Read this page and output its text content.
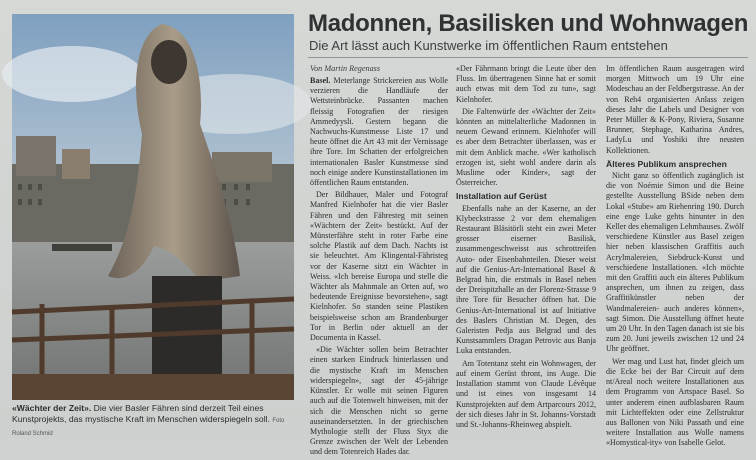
«Wächter der Zeit». Die vier Basler Fähren sind derzeit Teil eines Kunstprojekts, das mystische Kraft im Menschen widerspiegeln soll. Foto Roland Schmid
Madonnen, Basilisken und Wohnwagen
Die Art lässt auch Kunstwerke im öffentlichen Raum entstehen
Von Martin Regenass

Basel. Meterlange Strickereien aus Wolle verzieren die Handläufe der Wettsteinbrücke. Passanten machen fleissig Fotografien der riesigen Ammedyysli. Gestern begann die Nachwuchs-Kunstmesse Liste 17 und heute öffnet die Art 43 mit der Vernissage ihre Tore. Im Schatten der erfolgreichen internationalen Basler Kunstmesse sind noch einige andere Kunstinstallationen im öffentlichen Raum entstanden.

Der Bildhauer, Maler und Fotograf Manfred Kielnhofer hat die vier Basler Fähren und den Fähresteg mit seinen «Wächtern der Zeit» bestückt. Auf der Münsterfähre steht in roter Farbe eine solche Plastik auf dem Dach. Nachts ist sie beleuchtet. Am Klingental-Fähristeg vor der Kaserne sitzt ein Wächter in Weiss. «Ich bereise Europa und stelle die Wächter als Mahnmale an Orten auf, wo bedeutende Ereignisse bevorstehen», sagt Kielnhofer. So standen seine Plastiken beispielsweise schon am Brandenburger Tor in Berlin oder aktuell an der Documenta in Kassel.

«Die Wächter sollen beim Betrachter einen starken Eindruck hinterlassen und die mystische Kraft im Menschen widerspiegeln», sagt der 45-jährige Künstler. Er wolle mit seinen Figuren auch auf die Totenwelt hinweisen, mit der sich die Menschen nicht so gerne auseinandersetzten. In der griechischen Mythologie stellt der Fluss Styx die Grenze zwischen der Welt der Lebenden und dem Totenreich Hades dar.

«Der Fährmann bringt die Leute über den Fluss. Im übertragenen Sinne hat er somit auch etwas mit dem Tod zu tun», sagt Kielnhofer.

Die Faltenwürfe der «Wächter der Zeit» könnten an mittelalterliche Madonnen in neuem Gewand erinnern. Kielnhofer will es aber dem Betrachter überlassen, was er mit dem Anblick mache. «Wer katholisch erzogen ist, sieht wohl andere darin als Muslime oder Kinder», sagt der Österreicher.

Installation auf Gerüst

Ebenfalls nahe an der Kaserne, an der Klybeckstrasse 2 vor dem ehemaligen Restaurant Bläsitörli steht ein zwei Meter grosser eiserner Basilisk, zusammengeschweisst aus schrottreifen Auto- oder Eisenbahnteilen. Dieser weist auf die Genius-Art-International Basel & Belgrad hin, die erstmals in Basel neben der Dreispitzhalle an der Florenz-Strasse 9 ihre Tore für Besucher öffnen hat. Die Genius-Art-International ist auf Initiative des Baslers Christian M. Degen, des Galeristen Pedja aus Belgrad und des Kunstsammlers Dragan Petrovic aus Banja Luka entstanden.

Am Totentanz steht ein Wohnwagen, der auf einem Gerüst thront, ins Auge. Die Installation stammt von Claude Lévêque und ist eines von insgesamt 14 Kunstprojekten auf dem Artparcours 2012, der sich dieses Jahr in St. Johanns-Vorstadt und St.-Johanns-Rheinweg abspielt.

Im öffentlichen Raum ausgetragen wird morgen Mittwoch um 19 Uhr eine Modeschau an der Feldbergstrasse. An der von Reh4 organisierten Anlass zeigen dieses Jahr die Labels und Designer von Peter Müller & K-Pony, Riviera, Susanne Brunner, Stephage, Katharina Andres, LadyLu und Yoshiki ihre neusten Kollektionen.

Älteres Publikum ansprechen

Nicht ganz so öffentlich zugänglich ist die von Noémie Simon und die Beine gestellte Ausstellung BSide neben dem Lokal «Stube» am Riehenring 190. Durch eine enge Luke gehts hinunter in den Keller des ehemaligen Lehmhauses. Zwölf verschiedene Künstler aus Basel zeigen hier neben klassischen Graffitis auch Acrylmalereien, Siebdruck-Kunst und verschiedene Installationen. «Ich möchte mit den Graffiti auch ein älteres Publikum ansprechen, um ihnen zu zeigen, dass Graffitikünstler neben der Wandmalereien- auch anderes können», sagt Simon. Die Ausstellung öffnet heute um 20 Uhr. In den Tagen danach ist sie bis zum 20. Juni jeweils zwischen 12 und 24 Uhr geöffnet.

Wer mag und Lust hat, findet gleich um die Ecke bei der Bar Circuit auf dem nt/Areal noch weitere Installationen aus dem Programm von Artspace Basel. So unter anderem einen aufblasbaren Raum mit Lichteffekten oder eine Zellstruktur aus Ballonen von Niki Passath und eine weitere Installation aus Wolle namens «Homystical-ity» von Isabelle Gelot.
